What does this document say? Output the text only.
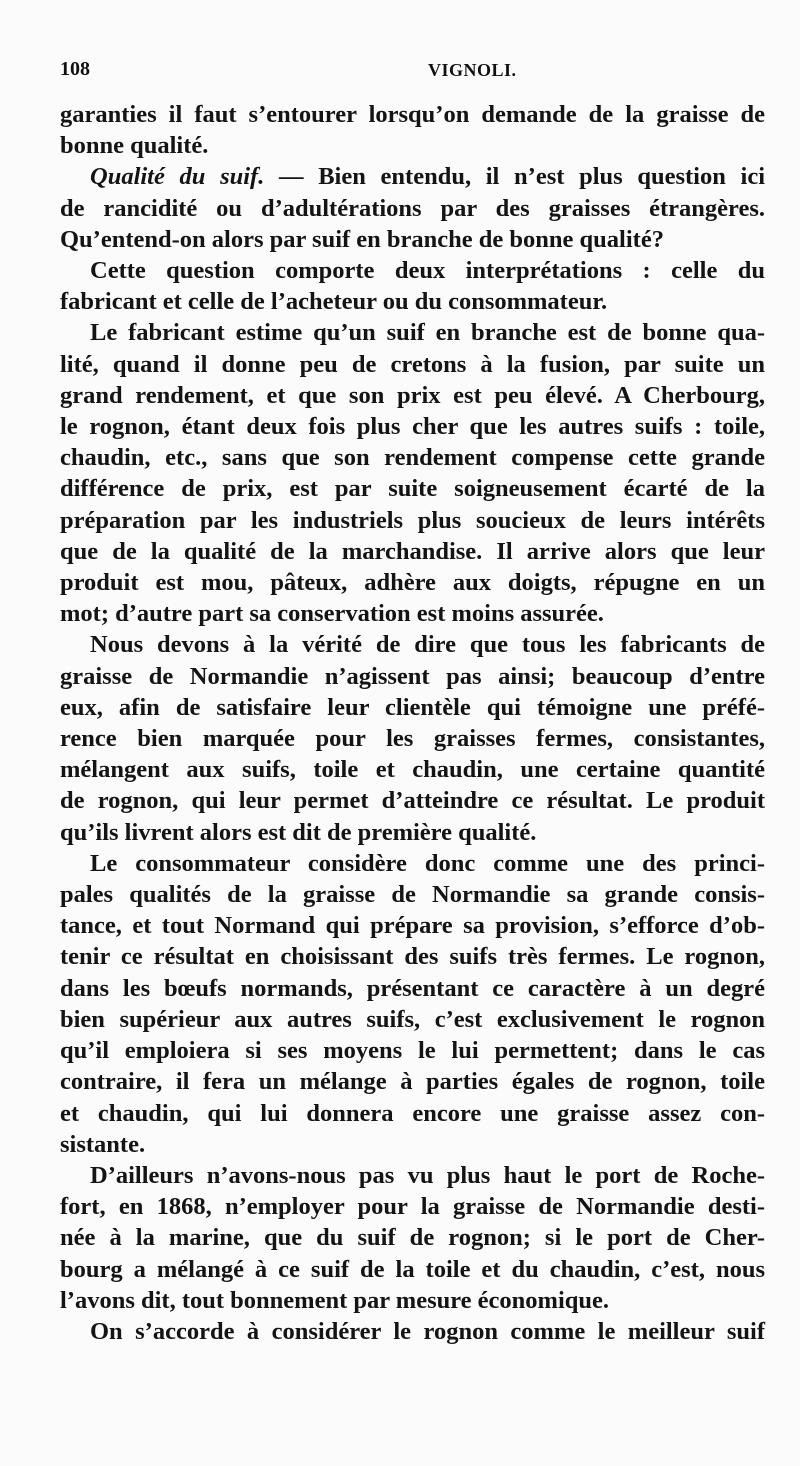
108	VIGNOLI.
garanties il faut s’entourer lorsqu’on demande de la graisse de
bonne qualité.
Qualité du suif. — Bien entendu, il n’est plus question ici
de rancidité ou d’adultérations par des graisses étrangères.
Qu’entend-on alors par suif en branche de bonne qualité?
Cette question comporte deux interprétations : celle du
fabricant et celle de l’acheteur ou du consommateur.
Le fabricant estime qu’un suif en branche est de bonne qua-
lité, quand il donne peu de cretons à la fusion, par suite un
grand rendement, et que son prix est peu élevé. A Cherbourg,
le rognon, étant deux fois plus cher que les autres suifs : toile,
chaudin, etc., sans que son rendement compense cette grande
différence de prix, est par suite soigneusement écarté de la
préparation par les industriels plus soucieux de leurs intérêts
que de la qualité de la marchandise. Il arrive alors que leur
produit est mou, pâteux, adhère aux doigts, répugne en un
mot; d’autre part sa conservation est moins assurée.
Nous devons à la vérité de dire que tous les fabricants de
graisse de Normandie n’agissent pas ainsi; beaucoup d’entre
eux, afin de satisfaire leur clientèle qui témoigne une préfé-
rence bien marquée pour les graisses fermes, consistantes,
mélangent aux suifs, toile et chaudin, une certaine quantité
de rognon, qui leur permet d’atteindre ce résultat. Le produit
qu’ils livrent alors est dit de première qualité.
Le consommateur considère donc comme une des princi-
pales qualités de la graisse de Normandie sa grande consis-
tance, et tout Normand qui prépare sa provision, s’efforce d’ob-
tenir ce résultat en choisissant des suifs très fermes. Le rognon,
dans les bœufs normands, présentant ce caractère à un degré
bien supérieur aux autres suifs, c’est exclusivement le rognon
qu’il emploiera si ses moyens le lui permettent; dans le cas
contraire, il fera un mélange à parties égales de rognon, toile
et chaudin, qui lui donnera encore une graisse assez con-
sistante.
D’ailleurs n’avons-nous pas vu plus haut le port de Roche-
fort, en 1868, n’employer pour la graisse de Normandie desti-
née à la marine, que du suif de rognon; si le port de Cher-
bourg a mélangé à ce suif de la toile et du chaudin, c’est, nous
l’avons dit, tout bonnement par mesure économique.
On s’accorde à considérer le rognon comme le meilleur suif
